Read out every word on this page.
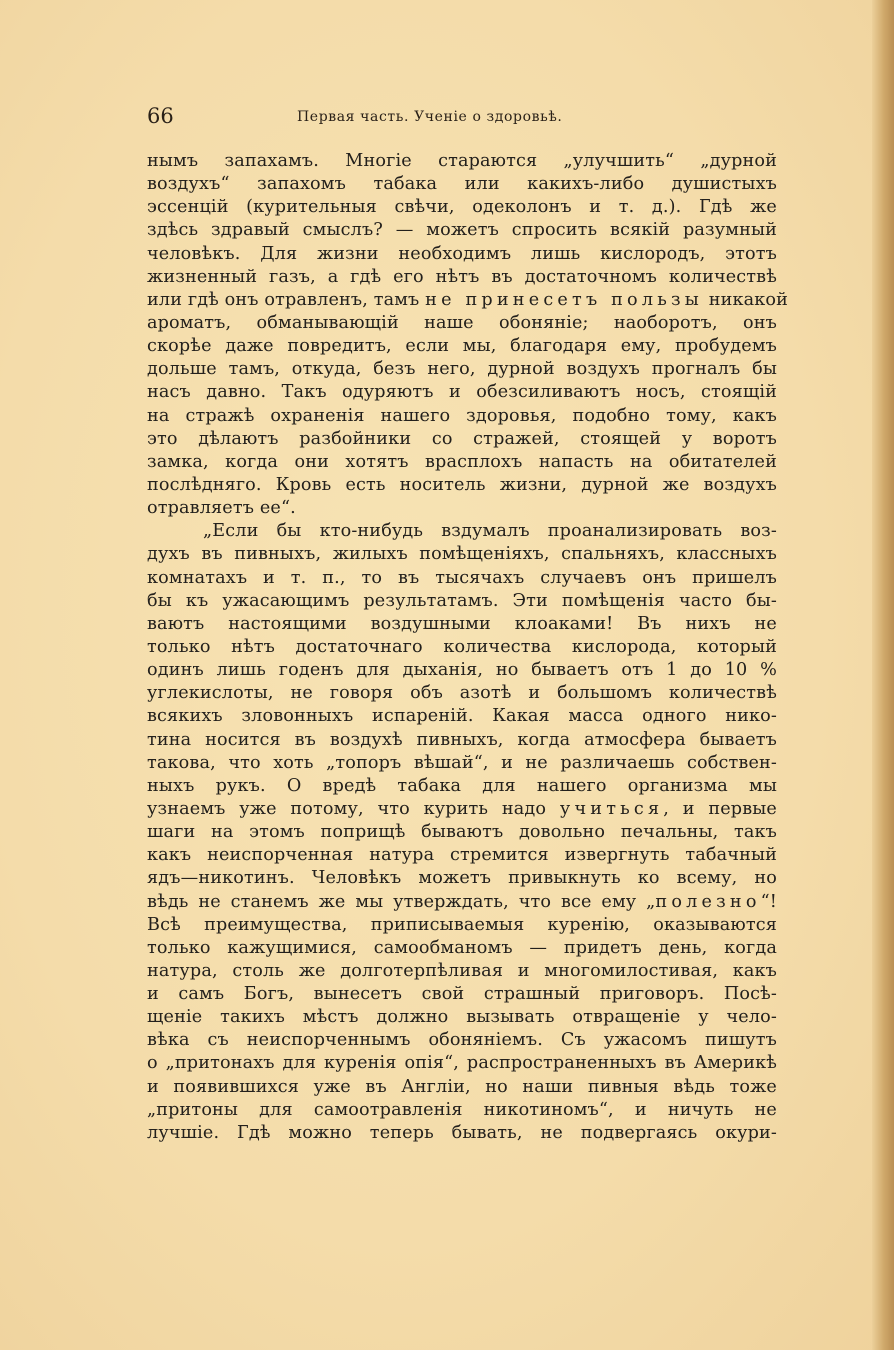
66	Первая часть. Ученіе о здоровьѣ.
нымъ запахамъ. Многіе стараются „улучшить“ „дурной
воздухъ“ запахомъ табака или какихъ-либо душистыхъ
эссенцій (курительныя свѣчи, одеколонъ и т. д.). Гдѣ же
здѣсь здравый смыслъ? — можетъ спросить всякій разумный
человѣкъ. Для жизни необходимъ лишь кислородъ, этотъ
жизненный газъ, а гдѣ его нѣтъ въ достаточномъ количествѣ
или гдѣ онъ отравленъ, тамъ не принесетъ пользы никакой
ароматъ, обманывающій наше обоняніе; наоборотъ, онъ
скорѣе даже повредитъ, если мы, благодаря ему, пробудемъ
дольше тамъ, откуда, безъ него, дурной воздухъ прогналъ бы
насъ давно. Такъ одуряютъ и обезсиливаютъ носъ, стоящій
на стражѣ охраненія нашего здоровья, подобно тому, какъ
это дѣлаютъ разбойники со стражей, стоящей у воротъ
замка, когда они хотятъ врасплохъ напасть на обитателей
послѣдняго. Кровь есть носитель жизни, дурной же воздухъ
отравляетъ ее“.
„Если бы кто-нибудь вздумалъ проанализировать воз-
духъ въ пивныхъ, жилыхъ помѣщеніяхъ, спальняхъ, классныхъ
комнатахъ и т. п., то въ тысячахъ случаевъ онъ пришелъ
бы къ ужасающимъ результатамъ. Эти помѣщенія часто бы-
ваютъ настоящими воздушными клоаками! Въ нихъ не
только нѣтъ достаточнаго количества кислорода, который
одинъ лишь годенъ для дыханія, но бываетъ отъ 1 до 10 %
углекислоты, не говоря объ азотѣ и большомъ количествѣ
всякихъ зловонныхъ испареній. Какая масса одного нико-
тина носится въ воздухѣ пивныхъ, когда атмосфера бываетъ
такова, что хоть „топоръ вѣшай“, и не различаешь собствен-
ныхъ рукъ. О вредѣ табака для нашего организма мы
узнаемъ уже потому, что курить надо учиться, и первые
шаги на этомъ поприщѣ бываютъ довольно печальны, такъ
какъ неиспорченная натура стремится извергнуть табачный
ядъ—никотинъ. Человѣкъ можетъ привыкнуть ко всему, но
вѣдь не станемъ же мы утверждать, что все ему „полезно“!
Всѣ преимущества, приписываемыя куренію, оказываются
только кажущимися, самообманомъ — придетъ день, когда
натура, столь же долготерпѣливая и многомилостивая, какъ
и самъ Богъ, вынесетъ свой страшный приговоръ. Посѣ-
щеніе такихъ мѣстъ должно вызывать отвращеніе у чело-
вѣка съ неиспорченнымъ обоняніемъ. Съ ужасомъ пишутъ
о „притонахъ для куренія опія“, распространенныхъ въ Америкѣ
и появившихся уже въ Англіи, но наши пивныя вѣдь тоже
„притоны для самоотравленія никотиномъ“, и ничуть не
лучшіе. Гдѣ можно теперь бывать, не подвергаясь окури-
